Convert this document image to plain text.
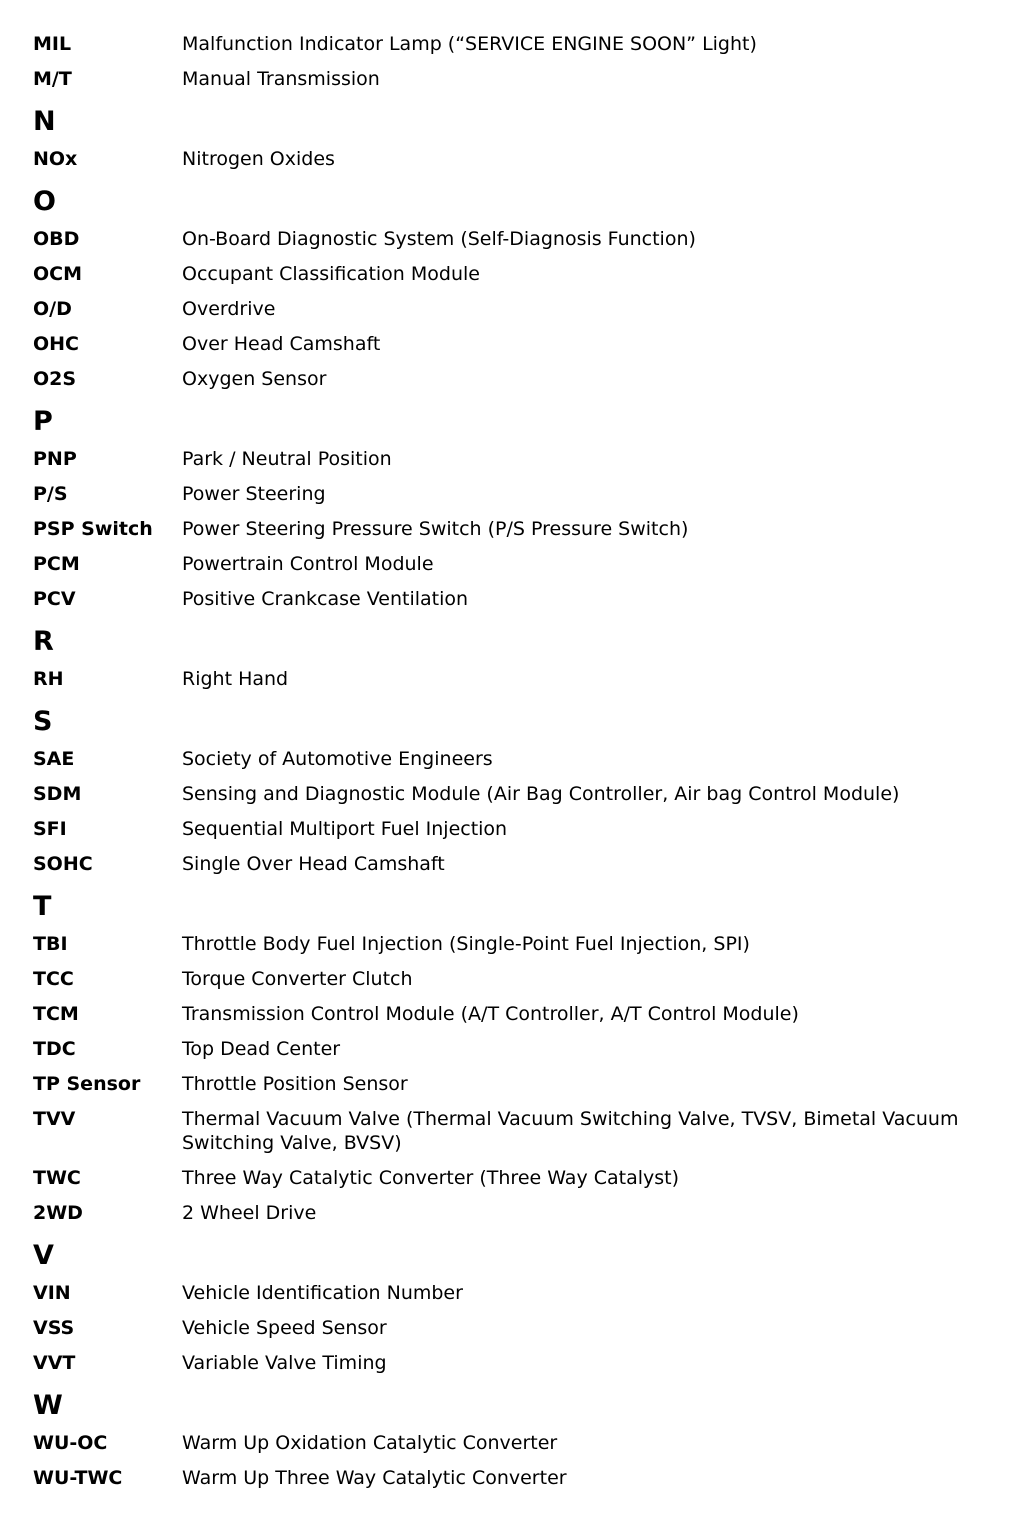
MIL	Malfunction Indicator Lamp (“SERVICE ENGINE SOON” Light)
M/T	Manual Transmission
N
NOx	Nitrogen Oxides
O
OBD	On-Board Diagnostic System (Self-Diagnosis Function)
OCM	Occupant Classification Module
O/D	Overdrive
OHC	Over Head Camshaft
O2S	Oxygen Sensor
P
PNP	Park / Neutral Position
P/S	Power Steering
PSP Switch	Power Steering Pressure Switch (P/S Pressure Switch)
PCM	Powertrain Control Module
PCV	Positive Crankcase Ventilation
R
RH	Right Hand
S
SAE	Society of Automotive Engineers
SDM	Sensing and Diagnostic Module (Air Bag Controller, Air bag Control Module)
SFI	Sequential Multiport Fuel Injection
SOHC	Single Over Head Camshaft
T
TBI	Throttle Body Fuel Injection (Single-Point Fuel Injection, SPI)
TCC	Torque Converter Clutch
TCM	Transmission Control Module (A/T Controller, A/T Control Module)
TDC	Top Dead Center
TP Sensor	Throttle Position Sensor
TVV	Thermal Vacuum Valve (Thermal Vacuum Switching Valve, TVSV, Bimetal Vacuum Switching Valve, BVSV)
TWC	Three Way Catalytic Converter (Three Way Catalyst)
2WD	2 Wheel Drive
V
VIN	Vehicle Identification Number
VSS	Vehicle Speed Sensor
VVT	Variable Valve Timing
W
WU-OC	Warm Up Oxidation Catalytic Converter
WU-TWC	Warm Up Three Way Catalytic Converter
